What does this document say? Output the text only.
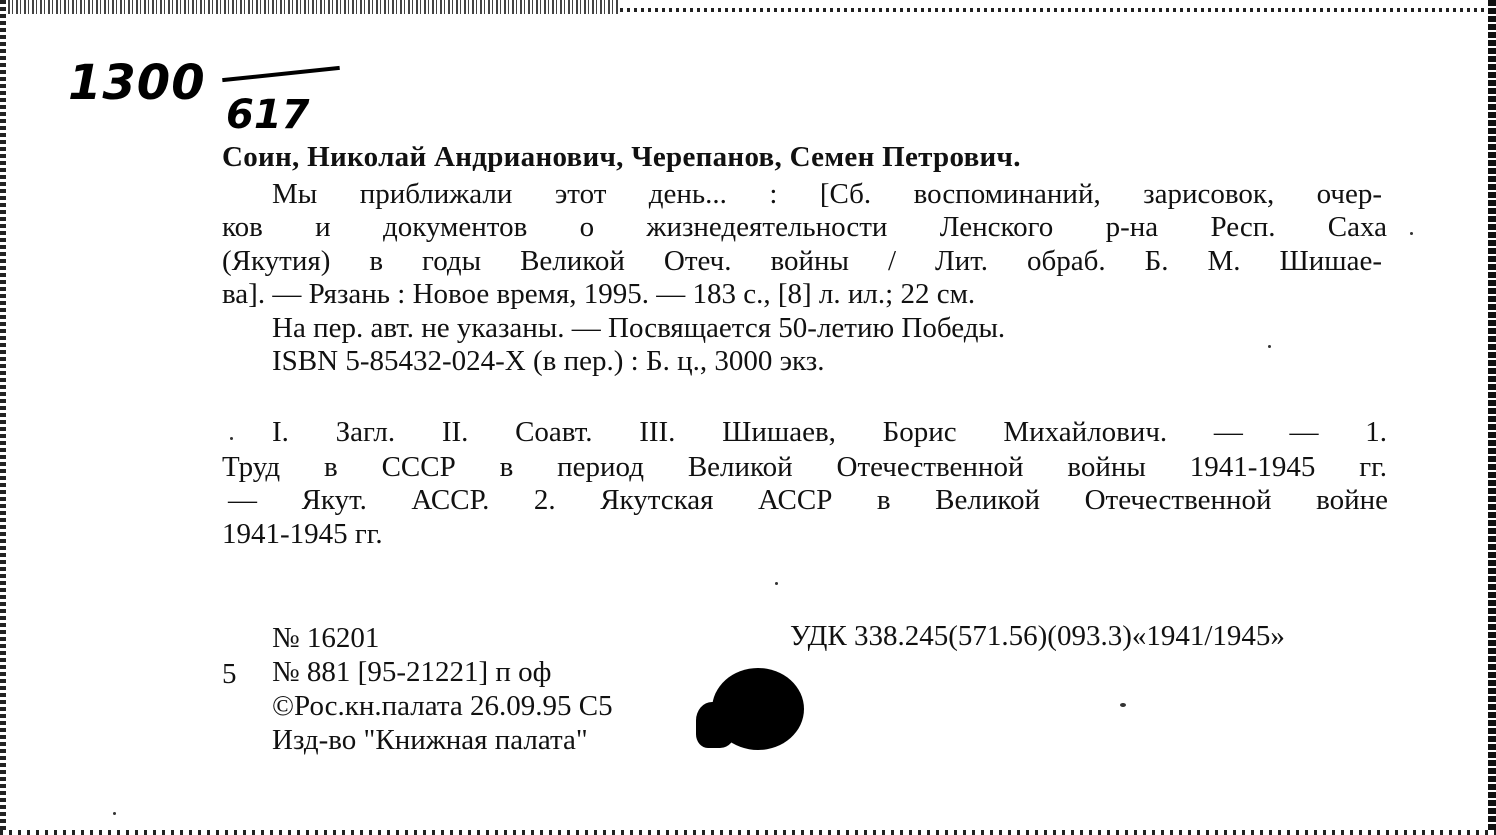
1300
617
Соин, Николай Андрианович, Черепанов, Семен Петрович.
Мы приближали этот день... : [Сб. воспоминаний, зарисовок, очер-
ков и документов о жизнедеятельности Ленского р-на Респ. Саха
(Якутия) в годы Великой Отеч. войны / Лит. обраб. Б. М. Шишае-
ва]. — Рязань : Новое время, 1995. — 183 с., [8] л. ил.; 22 см.
На пер. авт. не указаны. — Посвящается 50-летию Победы.
ISBN 5-85432-024-X (в пер.) : Б. ц., 3000 экз.
I. Загл. II. Соавт. III. Шишаев, Борис Михайлович. — — 1.
Труд в СССР в период Великой Отечественной войны 1941-1945 гг.
— Якут. АССР. 2. Якутская АССР в Великой Отечественной войне
1941-1945 гг.
№ 16201	УДК 338.245(571.56)(093.3)«1941/1945»
5 № 881 [95-21221] п оф
©Рос.кн.палата 26.09.95 C5
Изд-во "Книжная палата"
